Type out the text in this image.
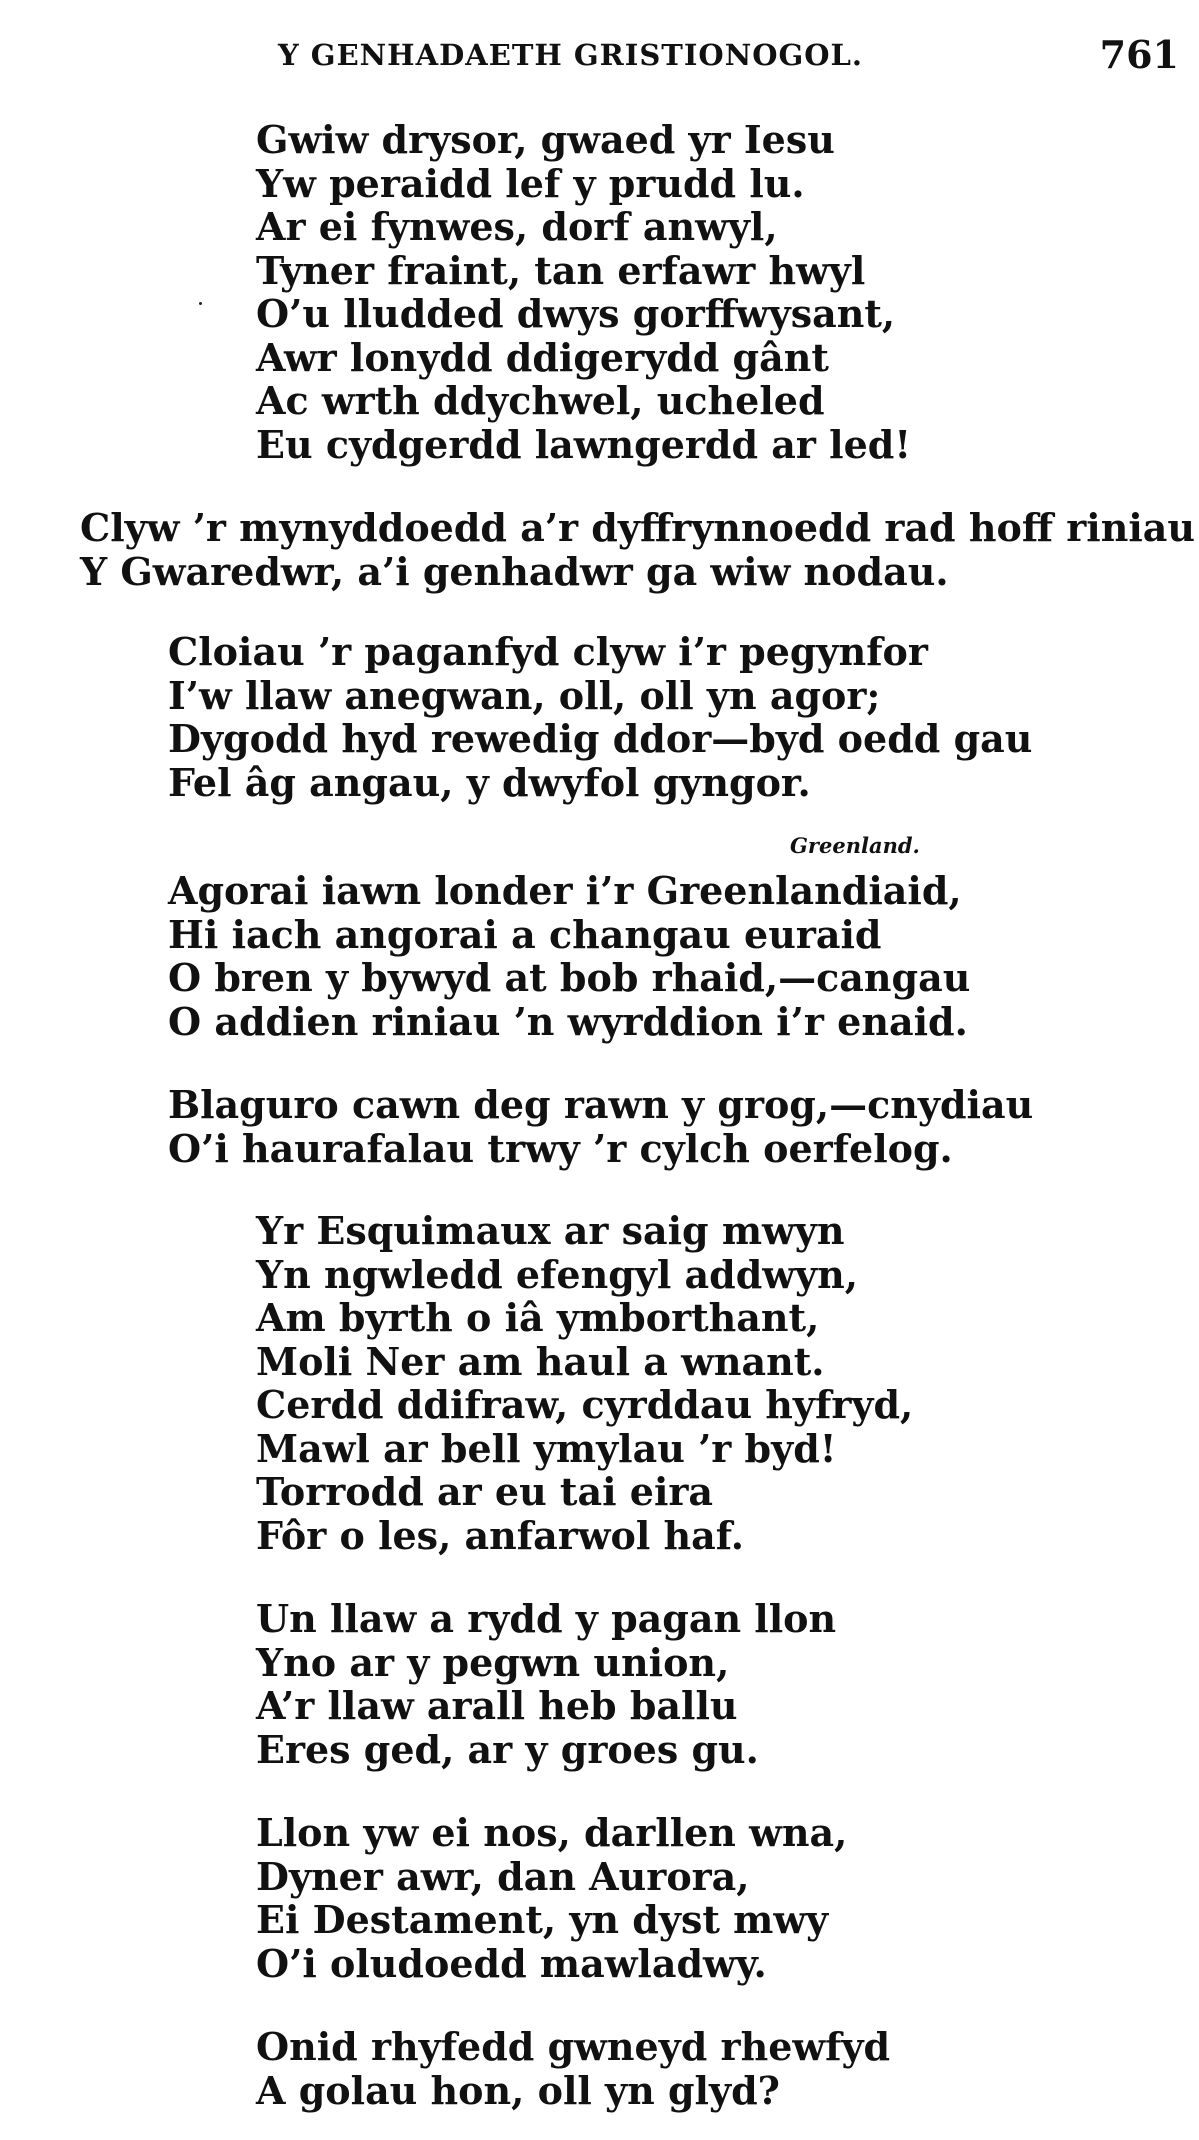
Y GENHADAETH GRISTIONOGOL.	761
Gwiw drysor, gwaed yr Iesu
Yw peraidd lef y prudd lu.
Ar ei fynwes, dorf anwyl,
Tyner fraint, tan erfawr hwyl
O’u lludded dwys gorffwysant,
Awr lonydd ddigerydd gânt
Ac wrth ddychwel, ucheled
Eu cydgerdd lawngerdd ar led!
Clyw ’r mynyddoedd a’r dyffrynnoedd rad hoff riniau
Y Gwaredwr, a’i genhadwr ga wiw nodau.
Cloiau ’r paganfyd clyw i’r pegynfor
I’w llaw anegwan, oll, oll yn agor;
Dygodd hyd rewedig ddor—byd oedd gau
Fel âg angau, y dwyfol gyngor.
Greenland.
Agorai iawn londer i’r Greenlandiaid,
Hi iach angorai a changau euraid
O bren y bywyd at bob rhaid,—cangau
O addien riniau ’n wyrddion i’r enaid.
Blaguro cawn deg rawn y grog,—cnydiau
O’i haurafalau trwy ’r cylch oerfelog.
Yr Esquimaux ar saig mwyn
Yn ngwledd efengyl addwyn,
Am byrth o iâ ymborthant,
Moli Ner am haul a wnant.
Cerdd ddifraw, cyrddau hyfryd,
Mawl ar bell ymylau ’r byd!
Torrodd ar eu tai eira
Fôr o les, anfarwol haf.
Un llaw a rydd y pagan llon
Yno ar y pegwn union,
A’r llaw arall heb ballu
Eres ged, ar y groes gu.
Llon yw ei nos, darllen wna,
Dyner awr, dan Aurora,
Ei Destament, yn dyst mwy
O’i oludoedd mawladwy.
Onid rhyfedd gwneyd rhewfyd
A golau hon, oll yn glyd?
